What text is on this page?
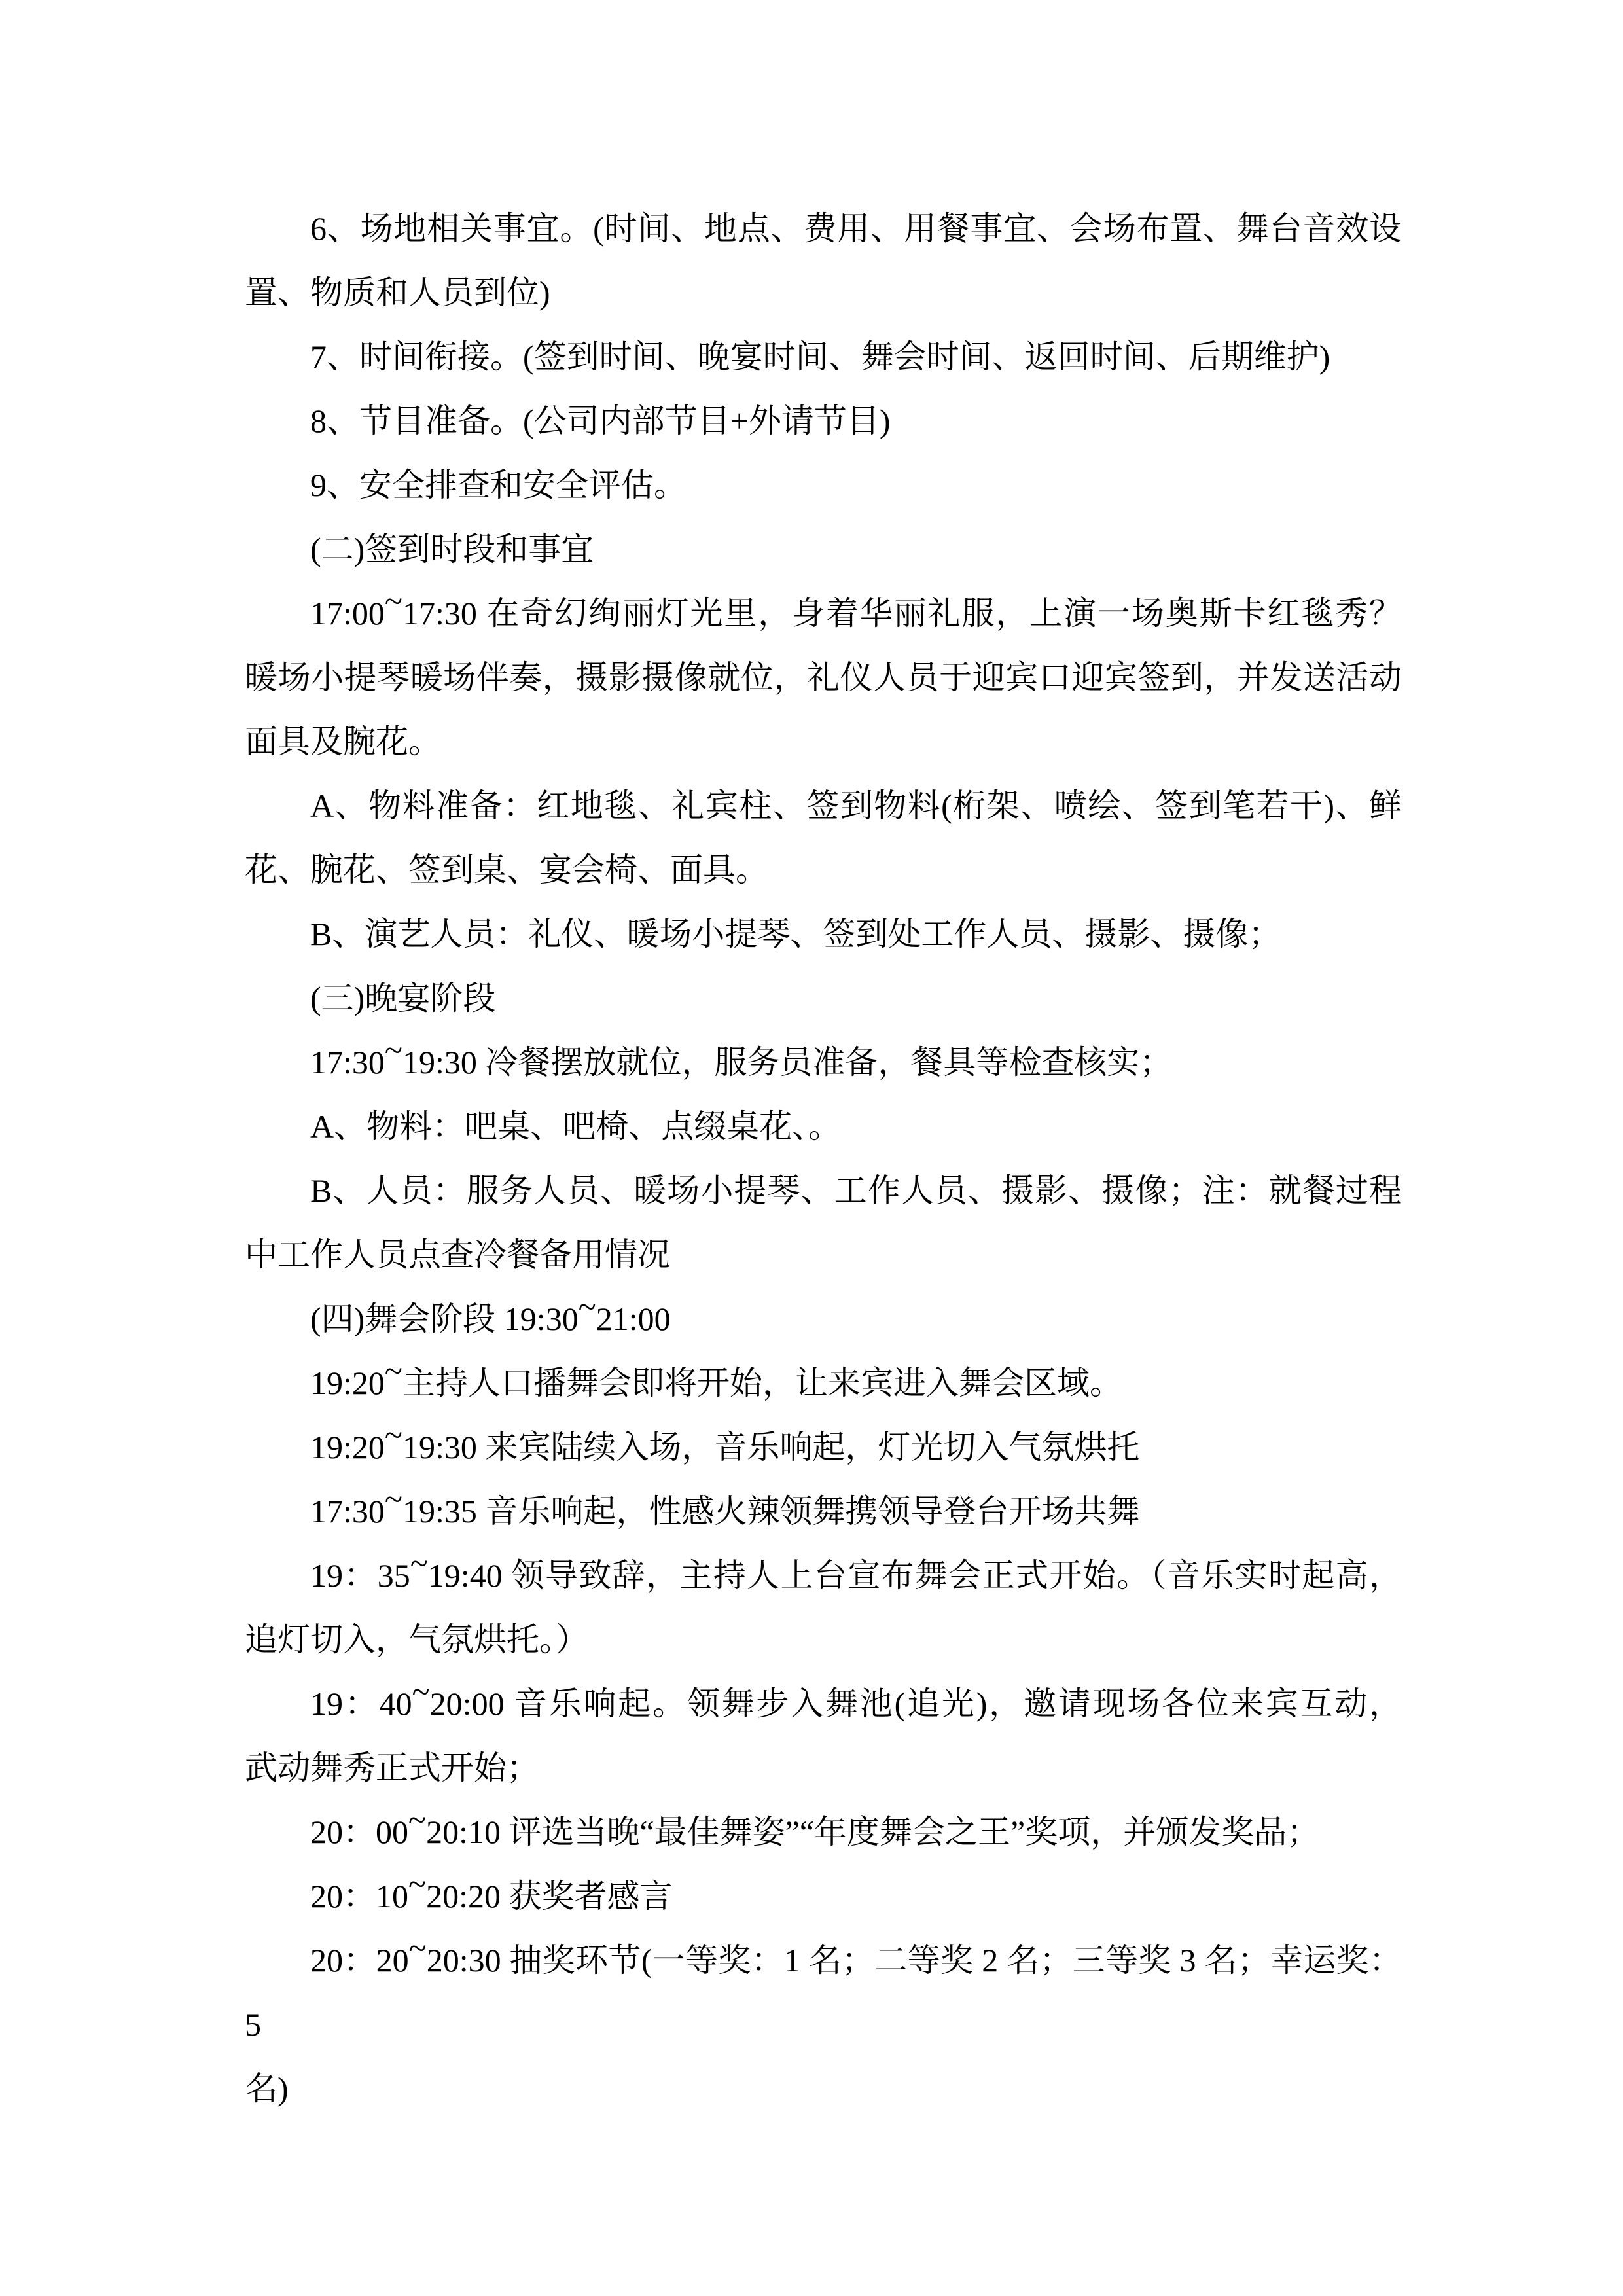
6、场地相关事宜。(时间、地点、费用、用餐事宜、会场布置、舞台音效设
置、物质和人员到位)
7、时间衔接。(签到时间、晚宴时间、舞会时间、返回时间、后期维护)
8、节目准备。(公司内部节目+外请节目)
9、安全排查和安全评估。
(二)签到时段和事宜
17:00~17:30 在奇幻绚丽灯光里，身着华丽礼服，上演一场奥斯卡红毯秀？
暖场小提琴暖场伴奏，摄影摄像就位，礼仪人员于迎宾口迎宾签到，并发送活动
面具及腕花。
A、物料准备：红地毯、礼宾柱、签到物料(桁架、喷绘、签到笔若干)、鲜
花、腕花、签到桌、宴会椅、面具。
B、演艺人员：礼仪、暖场小提琴、签到处工作人员、摄影、摄像；
(三)晚宴阶段
17:30~19:30 冷餐摆放就位，服务员准备，餐具等检查核实；
A、物料：吧桌、吧椅、点缀桌花、。
B、人员：服务人员、暖场小提琴、工作人员、摄影、摄像；注：就餐过程
中工作人员点查冷餐备用情况
(四)舞会阶段 19:30~21:00
19:20~主持人口播舞会即将开始，让来宾进入舞会区域。
19:20~19:30 来宾陆续入场，音乐响起，灯光切入气氛烘托
17:30~19:35 音乐响起，性感火辣领舞携领导登台开场共舞
19：35~19:40 领导致辞，主持人上台宣布舞会正式开始。（音乐实时起高，
追灯切入，气氛烘托。）
19：40~20:00 音乐响起。领舞步入舞池(追光)，邀请现场各位来宾互动，
武动舞秀正式开始；
20：00~20:10 评选当晚“最佳舞姿”“年度舞会之王”奖项，并颁发奖品；
20：10~20:20 获奖者感言
20：20~20:30 抽奖环节(一等奖：1 名；二等奖 2 名；三等奖 3 名；幸运奖：5
名)
